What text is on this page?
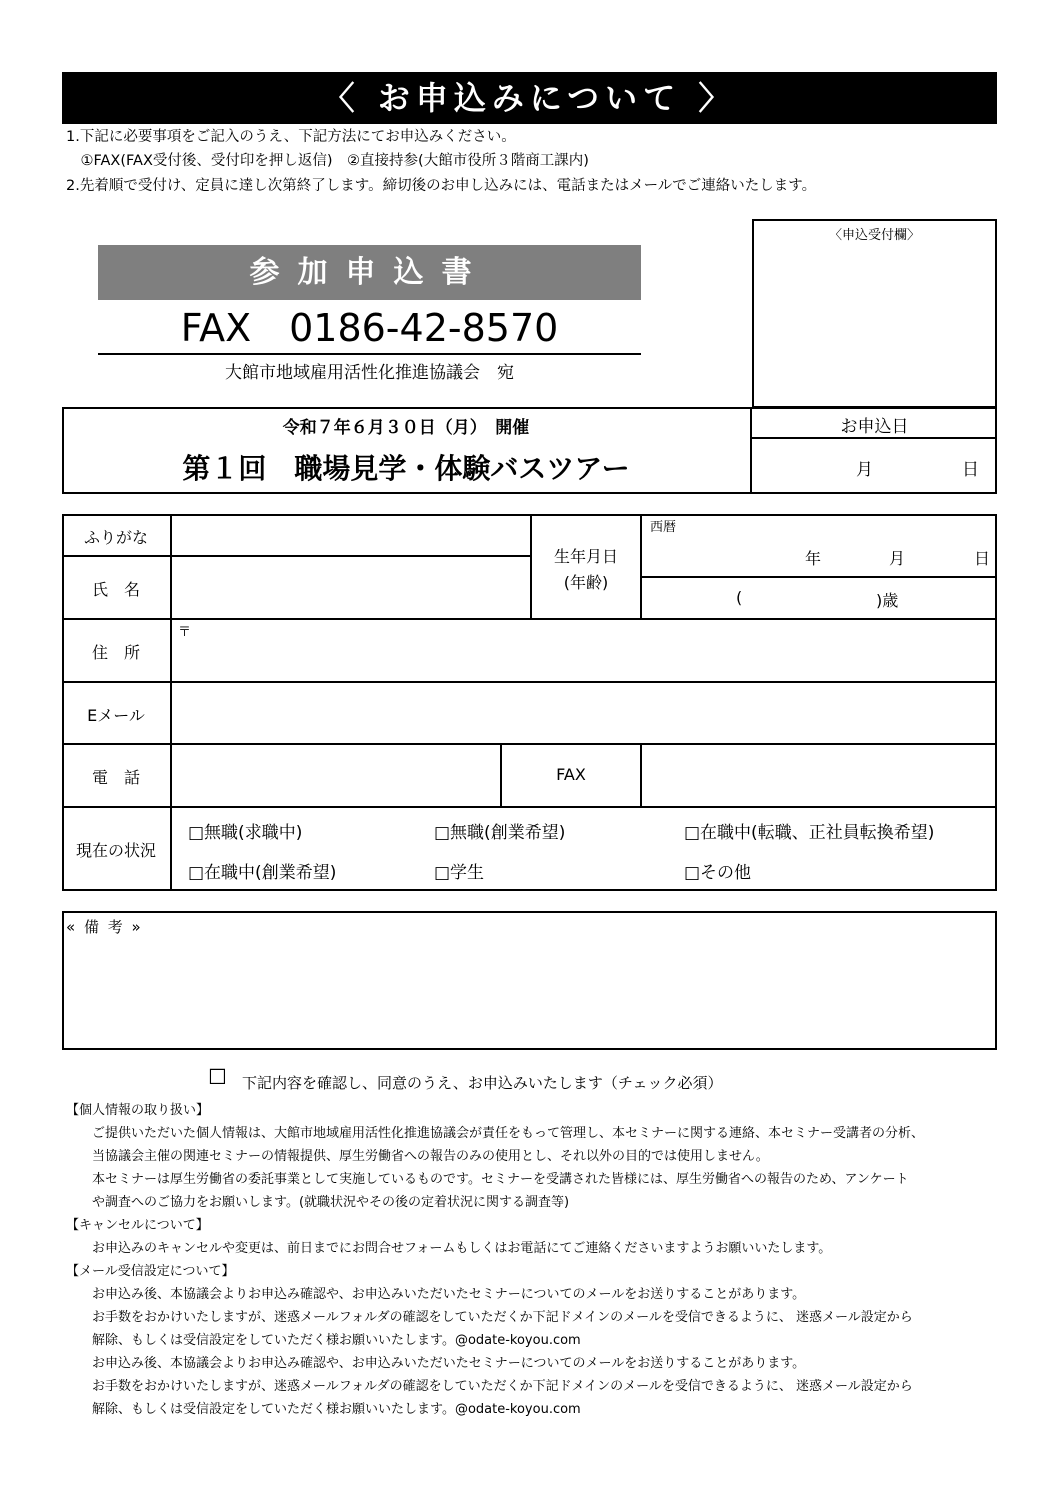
〈 お申込みについて 〉
1.下記に必要事項をご記入のうえ、下記方法にてお申込みください。
　①FAX(FAX受付後、受付印を押し返信)　②直接持参(大館市役所３階商工課内)
2.先着順で受付け、定員に達し次第終了します。締切後のお申し込みには、電話またはメールでご連絡いたします。
参加申込書
FAX　0186-42-8570
大館市地域雇用活性化推進協議会　宛
〈申込受付欄〉
令和７年６月３０日（月）　開催
第１回　職場見学・体験バスツアー
お申込日
月	日
ふりがな
氏　名
生年月日
(年齢)
西暦
年	月	日
(	)歳
住　所
〒
Eメール
電　話	FAX
現在の状況
□無職(求職中)	□無職(創業希望)	□在職中(転職、正社員転換希望)
□在職中(創業希望)	□学生	□その他
« 備 考 »
☐ 下記内容を確認し、同意のうえ、お申込みいたします（チェック必須）
【個人情報の取り扱い】
ご提供いただいた個人情報は、大館市地域雇用活性化推進協議会が責任をもって管理し、本セミナーに関する連絡、本セミナー受講者の分析、
当協議会主催の関連セミナーの情報提供、厚生労働省への報告のみの使用とし、それ以外の目的では使用しません。
本セミナーは厚生労働省の委託事業として実施しているものです。セミナーを受講された皆様には、厚生労働省への報告のため、アンケート
や調査へのご協力をお願いします。(就職状況やその後の定着状況に関する調査等)
【キャンセルについて】
お申込みのキャンセルや変更は、前日までにお問合せフォームもしくはお電話にてご連絡くださいますようお願いいたします。
【メール受信設定について】
お申込み後、本協議会よりお申込み確認や、お申込みいただいたセミナーについてのメールをお送りすることがあります。
お手数をおかけいたしますが、迷惑メールフォルダの確認をしていただくか下記ドメインのメールを受信できるように、 迷惑メール設定から
解除、もしくは受信設定をしていただく様お願いいたします。@odate-koyou.com
お申込み後、本協議会よりお申込み確認や、お申込みいただいたセミナーについてのメールをお送りすることがあります。
お手数をおかけいたしますが、迷惑メールフォルダの確認をしていただくか下記ドメインのメールを受信できるように、 迷惑メール設定から
解除、もしくは受信設定をしていただく様お願いいたします。@odate-koyou.com
